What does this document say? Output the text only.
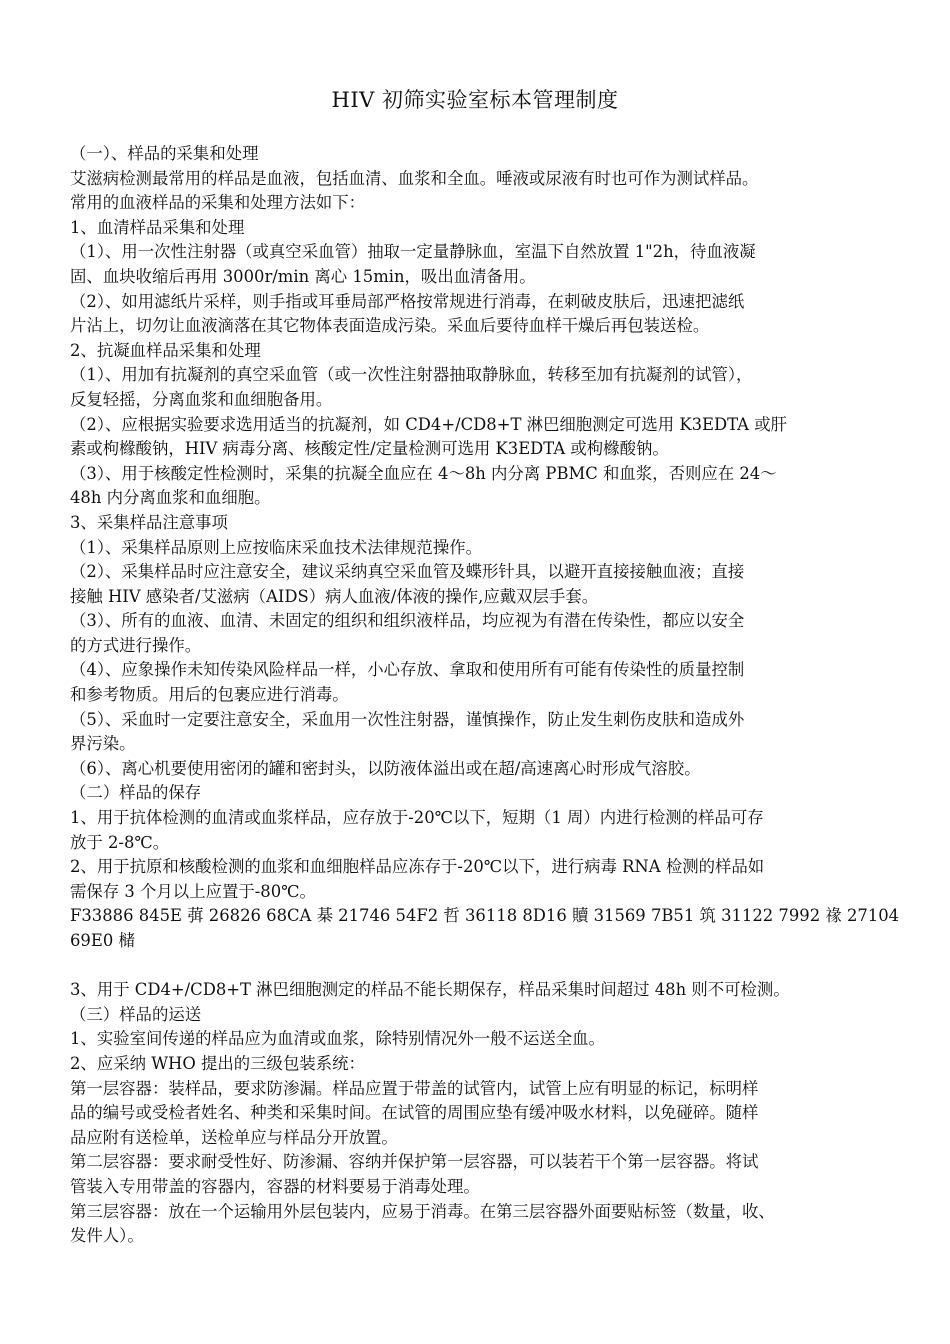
HIV 初筛实验室标本管理制度
（一）、样品的采集和处理
艾滋病检测最常用的样品是血液，包括血清、血浆和全血。唾液或尿液有时也可作为测试样品。
常用的血液样品的采集和处理方法如下：
1、血清样品采集和处理
（1）、用一次性注射器（或真空采血管）抽取一定量静脉血，室温下自然放置 1"2h，待血液凝
固、血块收缩后再用 3000r/min 离心 15min，吸出血清备用。
（2）、如用滤纸片采样，则手指或耳垂局部严格按常规进行消毒，在刺破皮肤后，迅速把滤纸
片沾上，切勿让血液滴落在其它物体表面造成污染。采血后要待血样干燥后再包装送检。
2、抗凝血样品采集和处理
（1）、用加有抗凝剂的真空采血管（或一次性注射器抽取静脉血，转移至加有抗凝剂的试管），
反复轻摇，分离血浆和血细胞备用。
（2）、应根据实验要求选用适当的抗凝剂，如 CD4+/CD8+T 淋巴细胞测定可选用 K3EDTA 或肝
素或枸橼酸钠，HIV 病毒分离、核酸定性/定量检测可选用 K3EDTA 或枸橼酸钠。
（3）、用于核酸定性检测时，采集的抗凝全血应在 4～8h 内分离 PBMC 和血浆，否则应在 24～
48h 内分离血浆和血细胞。
3、采集样品注意事项
（1）、采集样品原则上应按临床采血技术法律规范操作。
（2）、采集样品时应注意安全，建议采纳真空采血管及蝶形针具，以避开直接接触血液；直接
接触 HIV 感染者/艾滋病（AIDS）病人血液/体液的操作,应戴双层手套。
（3）、所有的血液、血清、未固定的组织和组织液样品，均应视为有潜在传染性，都应以安全
的方式进行操作。
（4）、应象操作未知传染风险样品一样，小心存放、拿取和使用所有可能有传染性的质量控制
和参考物质。用后的包裹应进行消毒。
（5）、采血时一定要注意安全，采血用一次性注射器，谨慎操作，防止发生刺伤皮肤和造成外
界污染。
（6）、离心机要使用密闭的罐和密封头，以防液体溢出或在超/高速离心时形成气溶胶。
（二）样品的保存
1、用于抗体检测的血清或血浆样品，应存放于-20℃以下，短期（1 周）内进行检测的样品可存
放于 2-8℃。
2、用于抗原和核酸检测的血浆和血细胞样品应冻存于-20℃以下，进行病毒 RNA 检测的样品如
需保存 3 个月以上应置于-80℃。
F33886 845E 葞 26826 68CA 棊 21746 54F2 哲 36118 8D16 贖 31569 7B51 筑 31122 7992 禒 27104
69E0 槠
3、用于 CD4+/CD8+T 淋巴细胞测定的样品不能长期保存，样品采集时间超过 48h 则不可检测。
（三）样品的运送
1、实验室间传递的样品应为血清或血浆，除特别情况外一般不运送全血。
2、应采纳 WHO 提出的三级包装系统：
第一层容器：装样品，要求防渗漏。样品应置于带盖的试管内，试管上应有明显的标记，标明样
品的编号或受检者姓名、种类和采集时间。在试管的周围应垫有缓冲吸水材料，以免碰碎。随样
品应附有送检单，送检单应与样品分开放置。
第二层容器：要求耐受性好、防渗漏、容纳并保护第一层容器，可以装若干个第一层容器。将试
管装入专用带盖的容器内，容器的材料要易于消毒处理。
第三层容器：放在一个运输用外层包装内，应易于消毒。在第三层容器外面要贴标签（数量，收、
发件人）。
